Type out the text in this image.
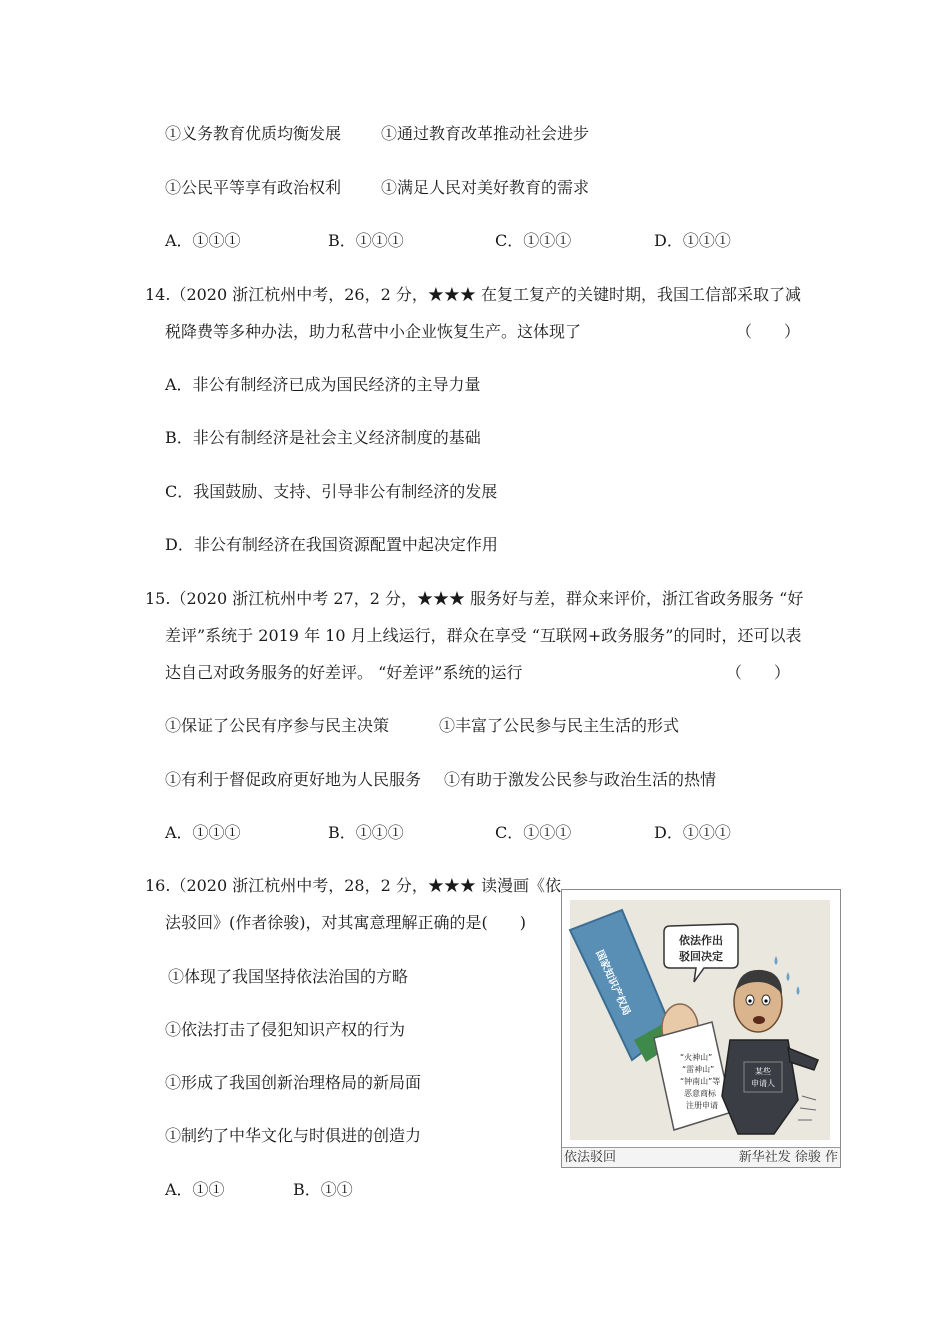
①义务教育优质均衡发展 ①通过教育改革推动社会进步
①公民平等享有政治权利 ①满足人民对美好教育的需求
A．①①①	B．①①①	C．①①①	D．①①①
14.（2020 浙江杭州中考，26，2 分，★★★ 在复工复产的关键时期，我国工信部采取了减
税降费等多种办法，助力私营中小企业恢复生产。这体现了	（　　）
A．非公有制经济已成为国民经济的主导力量
B．非公有制经济是社会主义经济制度的基础
C．我国鼓励、支持、引导非公有制经济的发展
D．非公有制经济在我国资源配置中起决定作用
15.（2020 浙江杭州中考 27，2 分，★★★ 服务好与差，群众来评价，浙江省政务服务 “好
差评”系统于 2019 年 10 月上线运行，群众在享受 “互联网+政务服务”的同时，还可以表
达自己对政务服务的好差评。 “好差评”系统的运行	（　　）
①保证了公民有序参与民主决策	①丰富了公民参与民主生活的形式
①有利于督促政府更好地为人民服务 ①有助于激发公民参与政治生活的热情
A．①①①	B．①①①	C．①①①	D．①①①
16.（2020 浙江杭州中考，28，2 分，★★★ 读漫画《依
法驳回》(作者徐骏)，对其寓意理解正确的是(　　)
①体现了我国坚持依法治国的方略
①依法打击了侵犯知识产权的行为
①形成了我国创新治理格局的新局面
①制约了中华文化与时俱进的创造力
A．①①	B．①①
国家知识产权局
“火神山”
“雷神山”
“钟南山”等
恶意商标
注册申请
依法作出
驳回决定
某些
申请人
依法驳回	新华社发 徐骏 作
